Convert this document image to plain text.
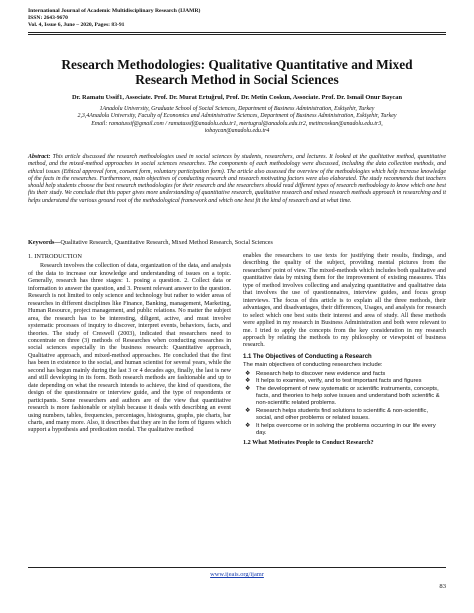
International Journal of Academic Multidisciplinary Research (IJAMR)
ISSN: 2643-9670
Vol. 4, Issue 6, June – 2020, Pages: 83-91
Research Methodologies: Qualitative Quantitative and Mixed
Research Method in Social Sciences
Dr. Ramatu Ussif1, Associate. Prof. Dr. Murat Ertuğrul, Prof. Dr. Metin Coskun, Associate. Prof. Dr. Ismail Onur Baycan
1Anadolu University, Graduate School of Social Sciences, Department of Business Administration, Eskişehir, Turkey
2,3,4Anadolu University, Faculty of Economics and Administrative Sciences, Department of Business Administration, Eskişehir, Turkey
Email: ramatussif@gmail.com / ramatussif@anadolu.edu.tr1, mertugrul@anadolu.edu.tr2, metincoskun@anadolu.edu.tr3,
iobaycan@anadolu.edu.tr4
Abstract: This article discussed the research methodologies used in social sciences by students, researchers, and lectures. It looked at the qualitative method, quantitative method, and the mixed-method approaches in social sciences researches. The components of each methodology were discussed, including the data collection methods, and ethical issues (Ethical approval form, consent form, voluntary participation form). The article also assessed the overview of the methodologies which help increase knowledge of the facts in the researches. Furthermore, main objectives of conducting research and research motivating factors were also elaborated. The study recommends that teachers should help students choose the best research methodologies for their research and the researchers should read different types of research methodology to know which one best fits their study. We conclude that this paper gives more understanding of quantitative research, qualitative research and mixed research methods approach in researching and it helps understand the various ground root of the methodological framework and which one best fit the kind of research and at what time.
Keywords—Qualitative Research, Quantitative Research, Mixed Method Research, Social Sciences
1. INTRODUCTION

Research involves the collection of data, organization of the data, and analysis of the data to increase our knowledge and understanding of issues on a topic. Generally, research has three stages: 1. posing a question. 2. Collect data or information to answer the question, and 3. Present relevant answer to the question. Research is not limited to only science and technology but rather to wider areas of researches in different disciplines like Finance, Banking, management, Marketing, Human Resource, project management, and public relations. No matter the subject area, the research has to be interesting, diligent, active, and must involve systematic processes of inquiry to discover, interpret events, behaviors, facts, and theories. The study of Creswell (2003), indicated that researchers need to concentrate on three (3) methods of Researches when conducting researches in social sciences especially in the business research: Quantitative approach, Qualitative approach, and mixed-method approaches. He concluded that the first has been in existence to the social, and human scientist for several years, while the second has begun mainly during the last 3 or 4 decades ago, finally, the last is new and still developing in its form. Both research methods are fashionable and up to date depending on what the research intends to achieve, the kind of questions, the design of the questionnaire or interview guide, and the type of respondents or participants. Some researchers and authors are of the view that quantitative research is more fashionable or stylish because it deals with describing an event using numbers, tables, frequencies, percentages, histograms, graphs, pie charts, bar charts, and many more. Also, it describes that they are in the form of figures which support a hypothesis and predication modal. The qualitative method

enables the researchers to use texts for justifying their results, findings, and describing the quality of the subject, providing mental pictures from the researchers' point of view. The mixed-methods which includes both qualitative and quantitative data by mixing them for the improvement of existing measures. This type of method involves collecting and analyzing quantitative and qualitative data that involves the use of questionnaires, interview guides, and focus group interviews. The focus of this article is to explain all the three methods, their advantages, and disadvantages, their differences, Usages, and analysis for research to select which one best suits their interest and area of study. All these methods were applied in my research in Business Administration and both were relevant to me. I tried to apply the concepts from the key consideration in my research approach by relating the methods to my philosophy or viewpoint of business research.

1.1 The Objectives of Conducting a Research
The main objectives of conducting researches include:
❖ Research help to discover new evidence and facts
❖ It helps to examine, verify, and to test important facts and figures
❖ The development of new systematic or scientific instruments, concepts, facts, and theories to help solve issues and understand both scientific & non-scientific related problems.
❖ Research helps students find solutions to scientific & non-scientific, social, and other problems or related issues.
❖ It helps overcome or in solving the problems occurring in our life every day.
1.2 What Motivates People to Conduct Research?
www.ijeais.org/ijamr
83
